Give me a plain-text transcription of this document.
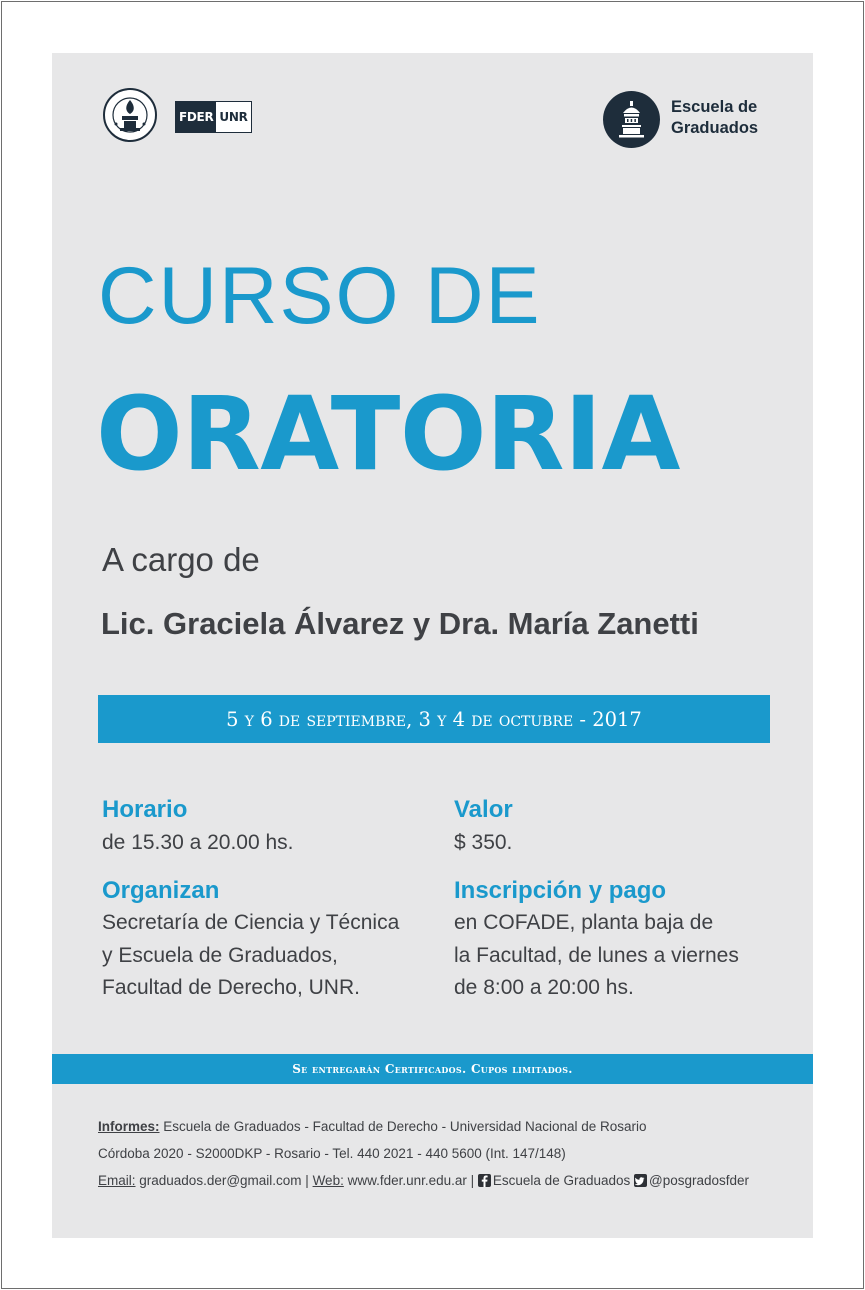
FDER UNR
Escuela de
Graduados
CURSO DE
ORATORIA
A cargo de
Lic. Graciela Álvarez y Dra. María Zanetti
5 y 6 de septiembre, 3 y 4 de octubre - 2017
Horario
de 15.30 a 20.00 hs.
Valor
$ 350.
Organizan
Secretaría de Ciencia y Técnica
y Escuela de Graduados,
Facultad de Derecho, UNR.
Inscripción y pago
en COFADE, planta baja de
la Facultad, de lunes a viernes
de 8:00 a 20:00 hs.
Se entregarán Certificados. Cupos limitados.
Informes: Escuela de Graduados - Facultad de Derecho - Universidad Nacional de Rosario
Córdoba 2020 - S2000DKP - Rosario - Tel. 440 2021 - 440 5600 (Int. 147/148)
Email: graduados.der@gmail.com | Web: www.fder.unr.edu.ar |
Escuela de Graduados
@posgradosfder
